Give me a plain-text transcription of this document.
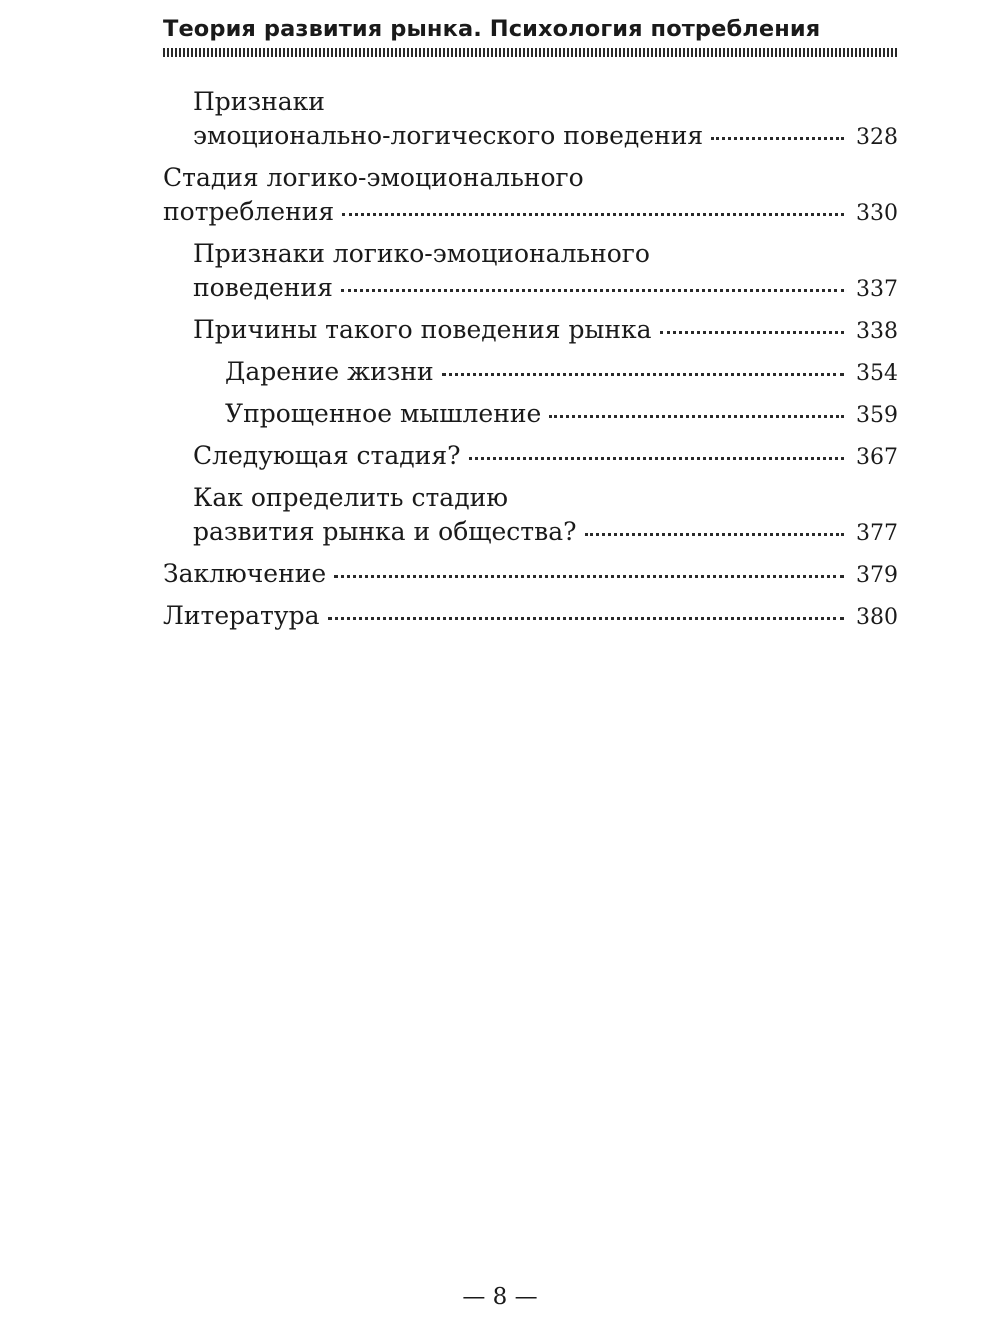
Теория развития рынка. Психология потребления
Признаки
эмоционально-логического поведения	328
Стадия логико-эмоционального
потребления	330
Признаки логико-эмоционального
поведения	337
Причины такого поведения рынка	338
Дарение жизни	354
Упрощенное мышление	359
Следующая стадия?	367
Как определить стадию
развития рынка и общества?	377
Заключение	379
Литература	380
— 8 —
